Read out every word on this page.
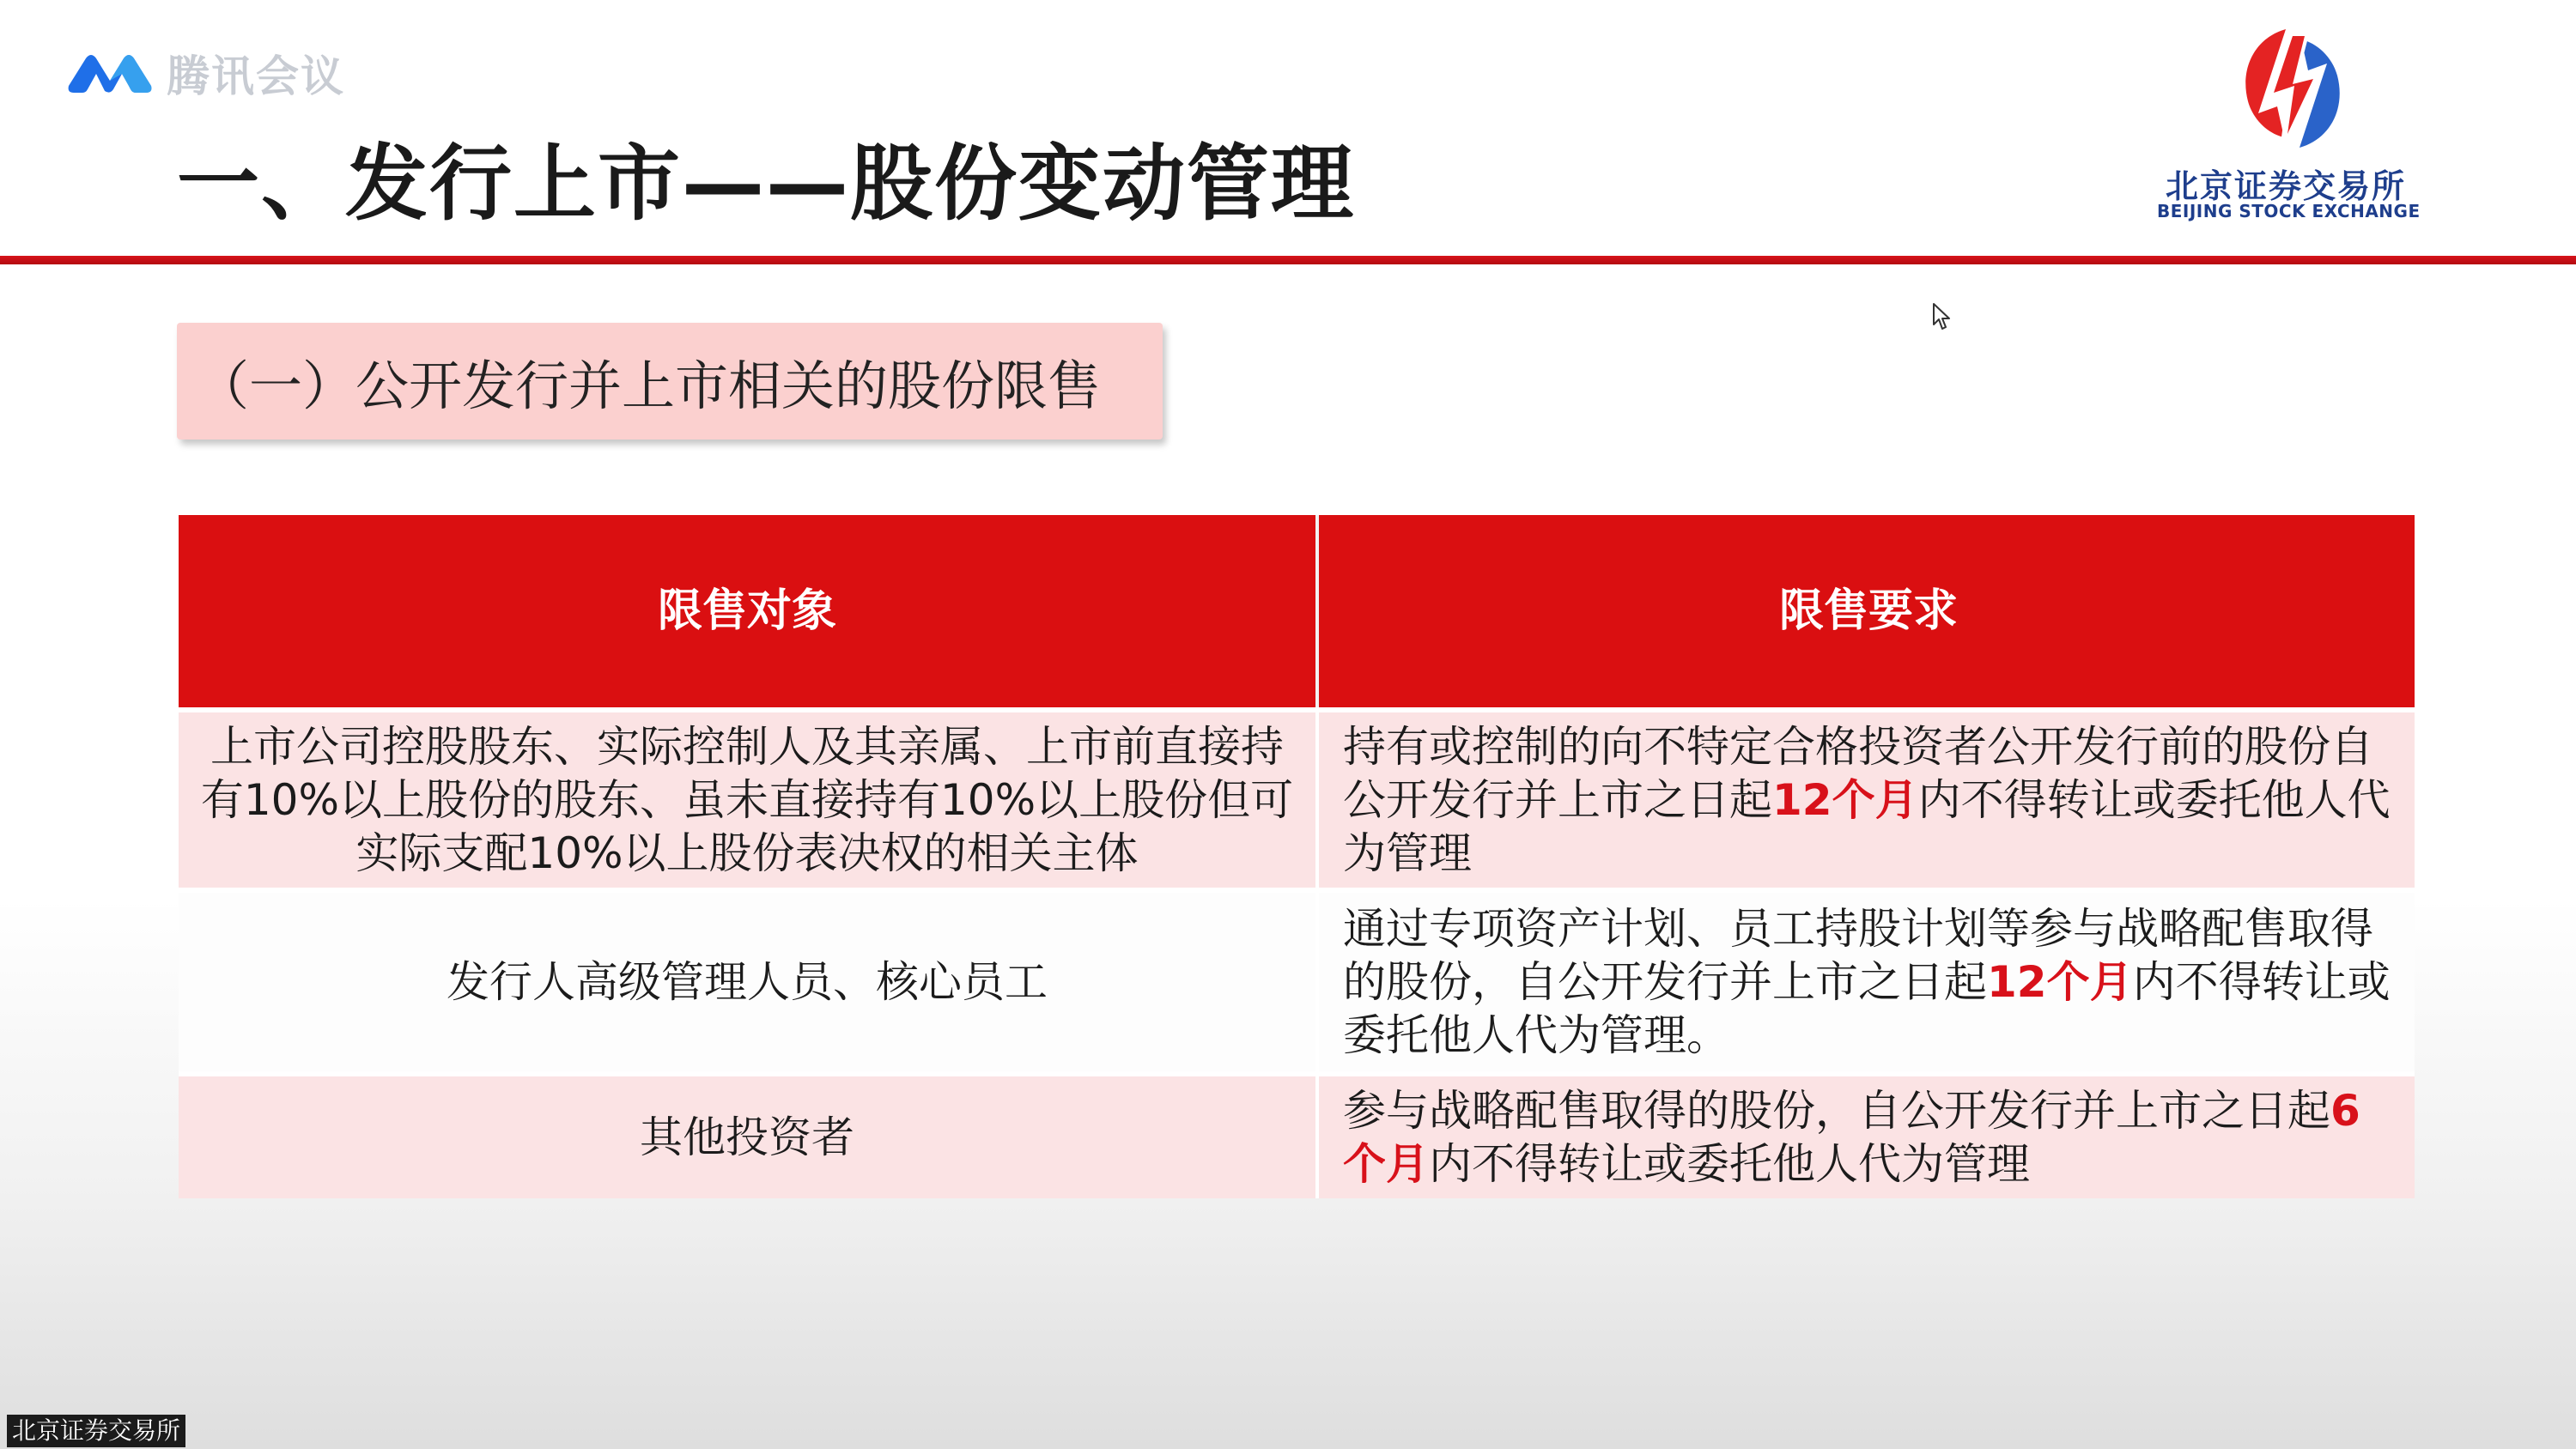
腾讯会议
一、发行上市——股份变动管理	北京证券交易所
BEIJING STOCK EXCHANGE
（一）公开发行并上市相关的股份限售
限售对象	限售要求
上市公司控股股东、实际控制人及其亲属、上市前直接持有10%以上股份的股东、虽未直接持有10%以上股份但可实际支配10%以上股份表决权的相关主体
持有或控制的向不特定合格投资者公开发行前的股份自公开发行并上市之日起12个月内不得转让或委托他人代为管理
发行人高级管理人员、核心员工
通过专项资产计划、员工持股计划等参与战略配售取得的股份，自公开发行并上市之日起12个月内不得转让或委托他人代为管理。
其他投资者
参与战略配售取得的股份，自公开发行并上市之日起6个月内不得转让或委托他人代为管理
北京证券交易所
